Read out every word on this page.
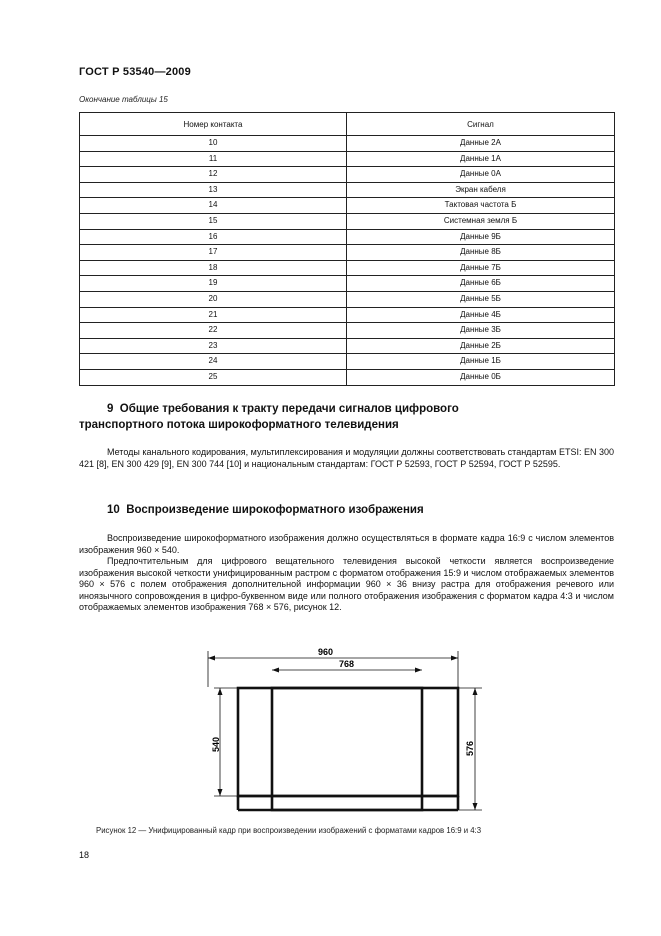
ГОСТ Р 53540—2009
Окончание таблицы 15
Номер контакта	Сигнал
10	Данные 2А
11	Данные 1А
12	Данные 0А
13	Экран кабеля
14	Тактовая частота Б
15	Системная земля Б
16	Данные 9Б
17	Данные 8Б
18	Данные 7Б
19	Данные 6Б
20	Данные 5Б
21	Данные 4Б
22	Данные 3Б
23	Данные 2Б
24	Данные 1Б
25	Данные 0Б
9 Общие требования к тракту передачи сигналов цифрового
транспортного потока широкоформатного телевидения
Методы канального кодирования, мультиплексирования и модуляции должны соответствовать стандартам ETSI: EN 300 421 [8], EN 300 429 [9], EN 300 744 [10] и национальным стандартам: ГОСТ Р 52593, ГОСТ Р 52594, ГОСТ Р 52595.
10 Воспроизведение широкоформатного изображения
Воспроизведение широкоформатного изображения должно осуществляться в формате кадра 16:9 с числом элементов изображения 960 × 540.
Предпочтительным для цифрового вещательного телевидения высокой четкости является воспроизведение изображения высокой четкости унифицированным растром с форматом отображения 15:9 и числом отображаемых элементов 960 × 576 с полем отображения дополнительной информации 960 × 36 внизу растра для отображения речевого или иноязычного сопровождения в цифро-буквенном виде или полного отображения изображения с форматом кадра 4:3 и числом отображаемых элементов изображения 768 × 576, рисунок 12.
960
768
540	576
Рисунок 12 — Унифицированный кадр при воспроизведении изображений с форматами кадров 16:9 и 4:3
18
